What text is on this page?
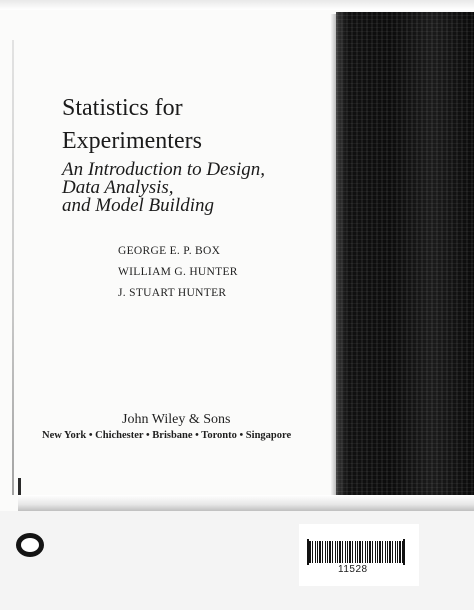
Statistics for
Experimenters
An Introduction to Design,
Data Analysis,
and Model Building
GEORGE E. P. BOX
WILLIAM G. HUNTER
J. STUART HUNTER
John Wiley & Sons
New York • Chichester • Brisbane • Toronto • Singapore
11528
